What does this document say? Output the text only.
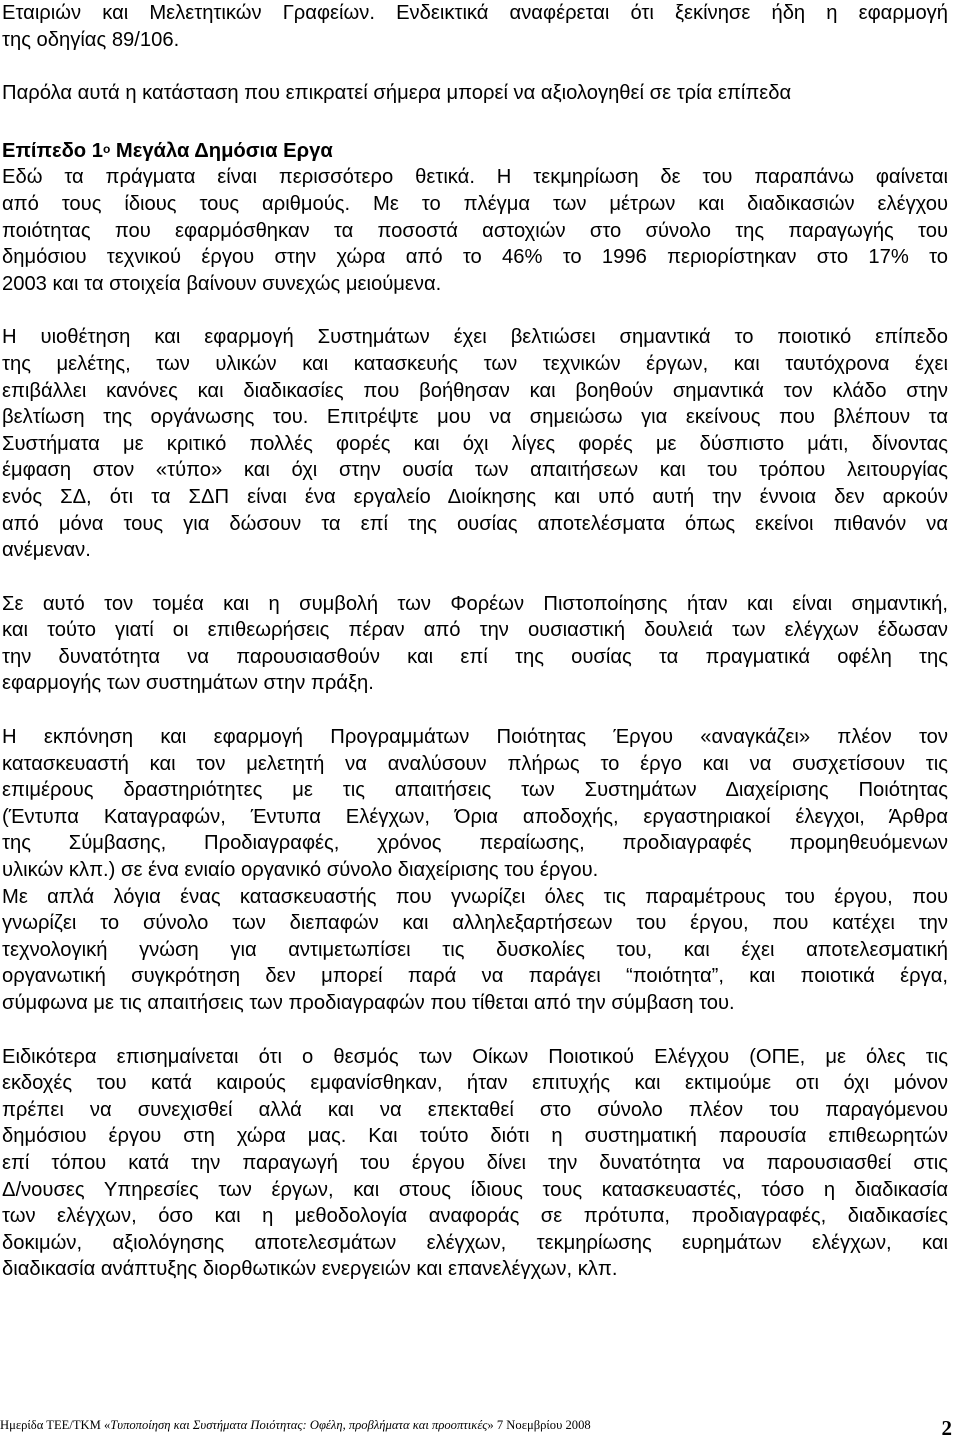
Εταιριών και Μελετητικών Γραφείων. Ενδεικτικά αναφέρεται ότι ξεκίνησε ήδη η εφαρμογή
της οδηγίας 89/106.

Παρόλα αυτά η κατάσταση που επικρατεί σήμερα μπορεί να αξιολογηθεί σε τρία επίπεδα

Επίπεδο $1^o$ Μεγάλα Δημόσια Εργα

Εδώ τα πράγματα είναι περισσότερο θετικά. Η τεκμηρίωση δε του παραπάνω φαίνεται
από τους ίδιους τους αριθμούς. Με το πλέγμα των μέτρων και διαδικασιών ελέγχου
ποιότητας που εφαρμόσθηκαν τα ποσοστά αστοχιών στο σύνολο της παραγωγής του
δημόσιου τεχνικού έργου στην χώρα από το 46% το 1996 περιορίστηκαν στο 17% το
2003 και τα στοιχεία βαίνουν συνεχώς μειούμενα.

Η υιοθέτηση και εφαρμογή Συστημάτων έχει βελτιώσει σημαντικά το ποιοτικό επίπεδο
της μελέτης, των υλικών και κατασκευής των τεχνικών έργων, και ταυτόχρονα έχει
επιβάλλει κανόνες και διαδικασίες που βοήθησαν και βοηθούν σημαντικά τον κλάδο στην
βελτίωση της οργάνωσης του. Επιτρέψτε μου να σημειώσω για εκείνους που βλέπουν τα
Συστήματα με κριτικό πολλές φορές και όχι λίγες φορές με δύσπιστο μάτι, δίνοντας
έμφαση στον «τύπο» και όχι στην ουσία των απαιτήσεων και του τρόπου λειτουργίας
ενός ΣΔ, ότι τα ΣΔΠ είναι ένα εργαλείο Διοίκησης και υπό αυτή την έννοια δεν αρκούν
από μόνα τους για δώσουν τα επί της ουσίας αποτελέσματα όπως εκείνοι πιθανόν να
ανέμεναν.

Σε αυτό τον τομέα και η συμβολή των Φορέων Πιστοποίησης ήταν και είναι σημαντική,
και τούτο γιατί οι επιθεωρήσεις πέραν από την ουσιαστική δουλειά των ελέγχων έδωσαν
την δυνατότητα να παρουσιασθούν και επί της ουσίας τα πραγματικά οφέλη της
εφαρμογής των συστημάτων στην πράξη.

Η εκπόνηση και εφαρμογή Προγραμμάτων Ποιότητας Έργου «αναγκάζει» πλέον τον
κατασκευαστή και τον μελετητή να αναλύσουν πλήρως το έργο και να συσχετίσουν τις
επιμέρους δραστηριότητες με τις απαιτήσεις των Συστημάτων Διαχείρισης Ποιότητας
(Έντυπα Καταγραφών, Έντυπα Ελέγχων, Όρια αποδοχής, εργαστηριακοί έλεγχοι, Άρθρα
της Σύμβασης, Προδιαγραφές, χρόνος περαίωσης, προδιαγραφές προμηθευόμενων
υλικών κλπ.) σε ένα ενιαίο οργανικό σύνολο διαχείρισης του έργου.

Με απλά λόγια ένας κατασκευαστής που γνωρίζει όλες τις παραμέτρους του έργου, που
γνωρίζει το σύνολο των διεπαφών και αλληλεξαρτήσεων του έργου, που κατέχει την
τεχνολογική γνώση για αντιμετωπίσει τις δυσκολίες του, και έχει αποτελεσματική
οργανωτική συγκρότηση δεν μπορεί παρά να παράγει “ποιότητα”, και ποιοτικά έργα,
σύμφωνα με τις απαιτήσεις των προδιαγραφών που τίθεται από την σύμβαση του.

Ειδικότερα επισημαίνεται ότι ο θεσμός των Οίκων Ποιοτικού Ελέγχου (ΟΠΕ, με όλες τις
εκδοχές του κατά καιρούς εμφανίσθηκαν, ήταν επιτυχής και εκτιμούμε οτι όχι μόνον
πρέπει να συνεχισθεί αλλά και να επεκταθεί στο σύνολο πλέον του παραγόμενου
δημόσιου έργου στη χώρα μας. Και τούτο διότι η συστηματική παρουσία επιθεωρητών
επί τόπου κατά την παραγωγή του έργου δίνει την δυνατότητα να παρουσιασθεί στις
Δ/νουσες Υπηρεσίες των έργων, και στους ίδιους τους κατασκευαστές, τόσο η διαδικασία
των ελέγχων, όσο και η μεθοδολογία αναφοράς σε πρότυπα, προδιαγραφές, διαδικασίες
δοκιμών, αξιολόγησης αποτελεσμάτων ελέγχων, τεκμηρίωσης ευρημάτων ελέγχων, και
διαδικασία ανάπτυξης διορθωτικών ενεργειών και επανελέγχων, κλπ.

Ημερίδα ΤΕΕ/ΤΚΜ «Τυποποίηση και Συστήματα Ποιότητας: Οφέλη, προβλήματα και προοπτικές» 7 Νοεμβρίου 2008	2
